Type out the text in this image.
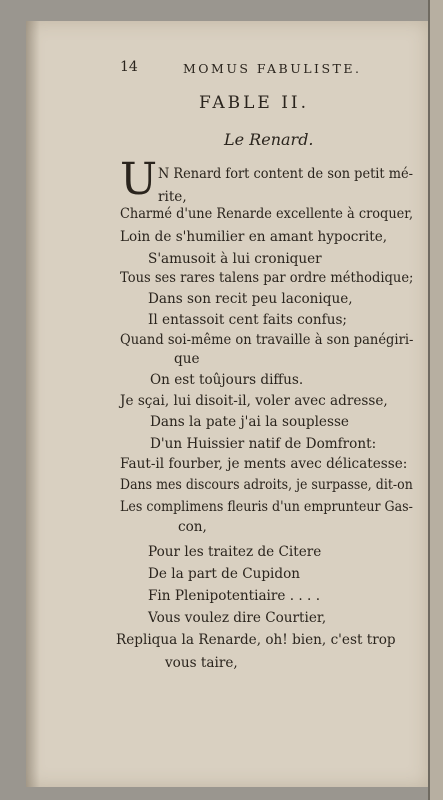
14	MOMUS FABULISTE.
FABLE II.
Le Renard.
U N Renard fort content de son petit mé-
rite,
Charmé d'une Renarde excellente à croquer,
Loin de s'humilier en amant hypocrite,
S'amusoit à lui croniquer
Tous ses rares talens par ordre méthodique;
Dans son recit peu laconique,
Il entassoit cent faits confus;
Quand soi-même on travaille à son panégiri-
que
On est toûjours diffus.
Je sçai, lui disoit-il, voler avec adresse,
Dans la pate j'ai la souplesse
D'un Huissier natif de Domfront:
Faut-il fourber, je ments avec délicatesse:
Dans mes discours adroits, je surpasse, dit-on
Les complimens fleuris d'un emprunteur Gas-
con,
Pour les traitez de Citere
De la part de Cupidon
Fin Plenipotentiaire . . . .
Vous voulez dire Courtier,
Repliqua la Renarde, oh! bien, c'est trop
vous taire,
